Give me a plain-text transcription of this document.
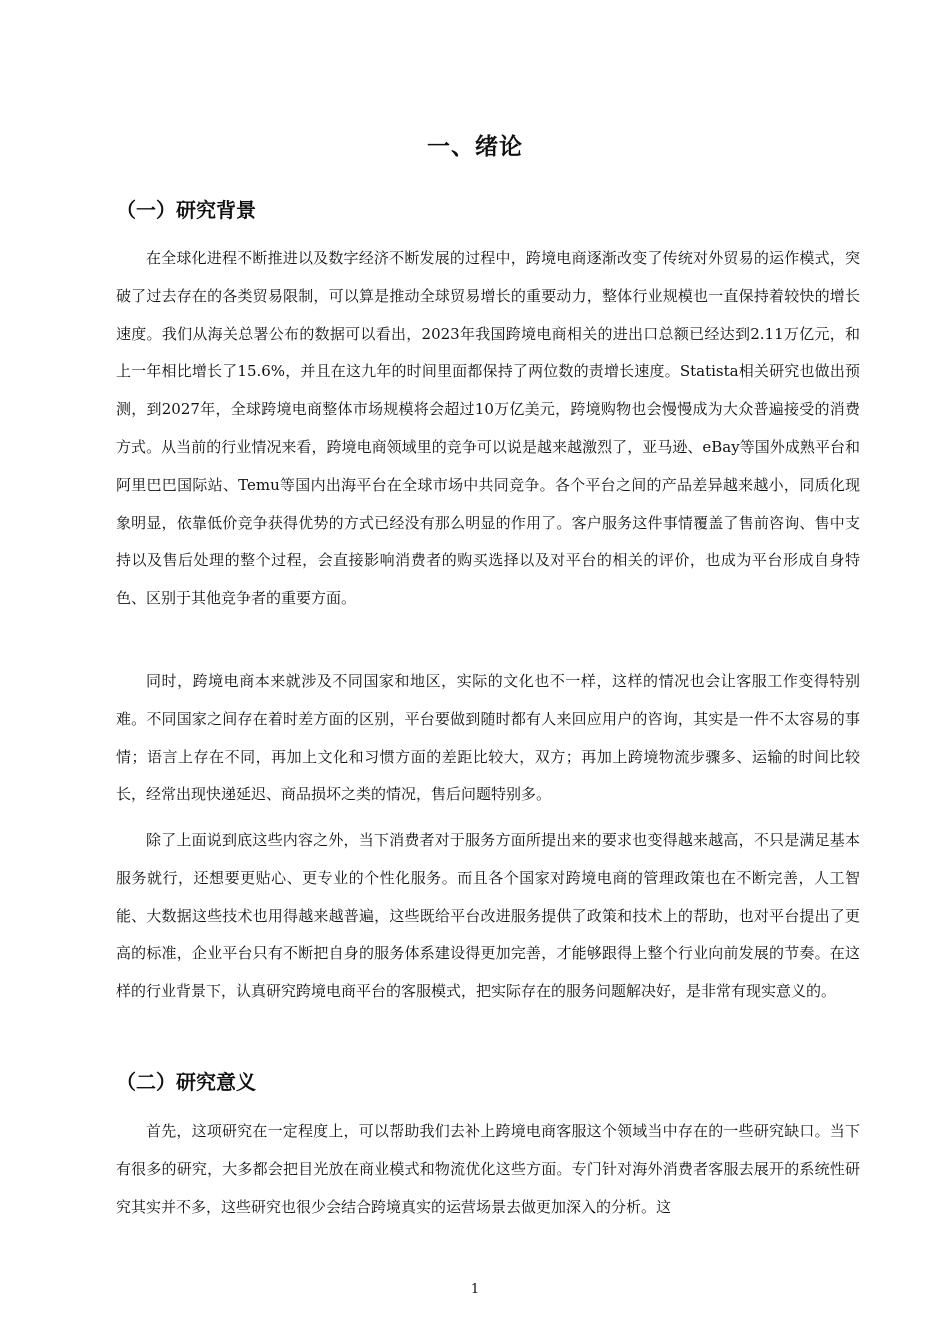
一、绪论
（一）研究背景

在全球化进程不断推进以及数字经济不断发展的过程中，跨境电商逐渐改变了传统对外贸易的运作模式，突破了过去存在的各类贸易限制，可以算是推动全球贸易增长的重要动力，整体行业规模也一直保持着较快的增长速度。我们从海关总署公布的数据可以看出，2023年我国跨境电商相关的进出口总额已经达到2.11万亿元，和上一年相比增长了15.6%，并且在这九年的时间里面都保持了两位数的责增长速度。Statista相关研究也做出预测，到2027年，全球跨境电商整体市场规模将会超过10万亿美元，跨境购物也会慢慢成为大众普遍接受的消费方式。从当前的行业情况来看，跨境电商领域里的竞争可以说是越来越激烈了，亚马逊、eBay等国外成熟平台和阿里巴巴国际站、Temu等国内出海平台在全球市场中共同竞争。各个平台之间的产品差异越来越小，同质化现象明显，依靠低价竞争获得优势的方式已经没有那么明显的作用了。客户服务这件事情覆盖了售前咨询、售中支持以及售后处理的整个过程，会直接影响消费者的购买选择以及对平台的相关的评价，也成为平台形成自身特色、区别于其他竞争者的重要方面。

同时，跨境电商本来就涉及不同国家和地区，实际的文化也不一样，这样的情况也会让客服工作变得特别难。不同国家之间存在着时差方面的区别，平台要做到随时都有人来回应用户的咨询，其实是一件不太容易的事情；语言上存在不同，再加上文化和习惯方面的差距比较大，双方；再加上跨境物流步骤多、运输的时间比较长，经常出现快递延迟、商品损坏之类的情况，售后问题特别多。

除了上面说到底这些内容之外，当下消费者对于服务方面所提出来的要求也变得越来越高，不只是满足基本服务就行，还想要更贴心、更专业的个性化服务。而且各个国家对跨境电商的管理政策也在不断完善，人工智能、大数据这些技术也用得越来越普遍，这些既给平台改进服务提供了政策和技术上的帮助，也对平台提出了更高的标准，企业平台只有不断把自身的服务体系建设得更加完善，才能够跟得上整个行业向前发展的节奏。在这样的行业背景下，认真研究跨境电商平台的客服模式，把实际存在的服务问题解决好，是非常有现实意义的。

（二）研究意义

首先，这项研究在一定程度上，可以帮助我们去补上跨境电商客服这个领域当中存在的一些研究缺口。当下有很多的研究，大多都会把目光放在商业模式和物流优化这些方面。专门针对海外消费者客服去展开的系统性研究其实并不多，这些研究也很少会结合跨境真实的运营场景去做更加深入的分析。这

1
